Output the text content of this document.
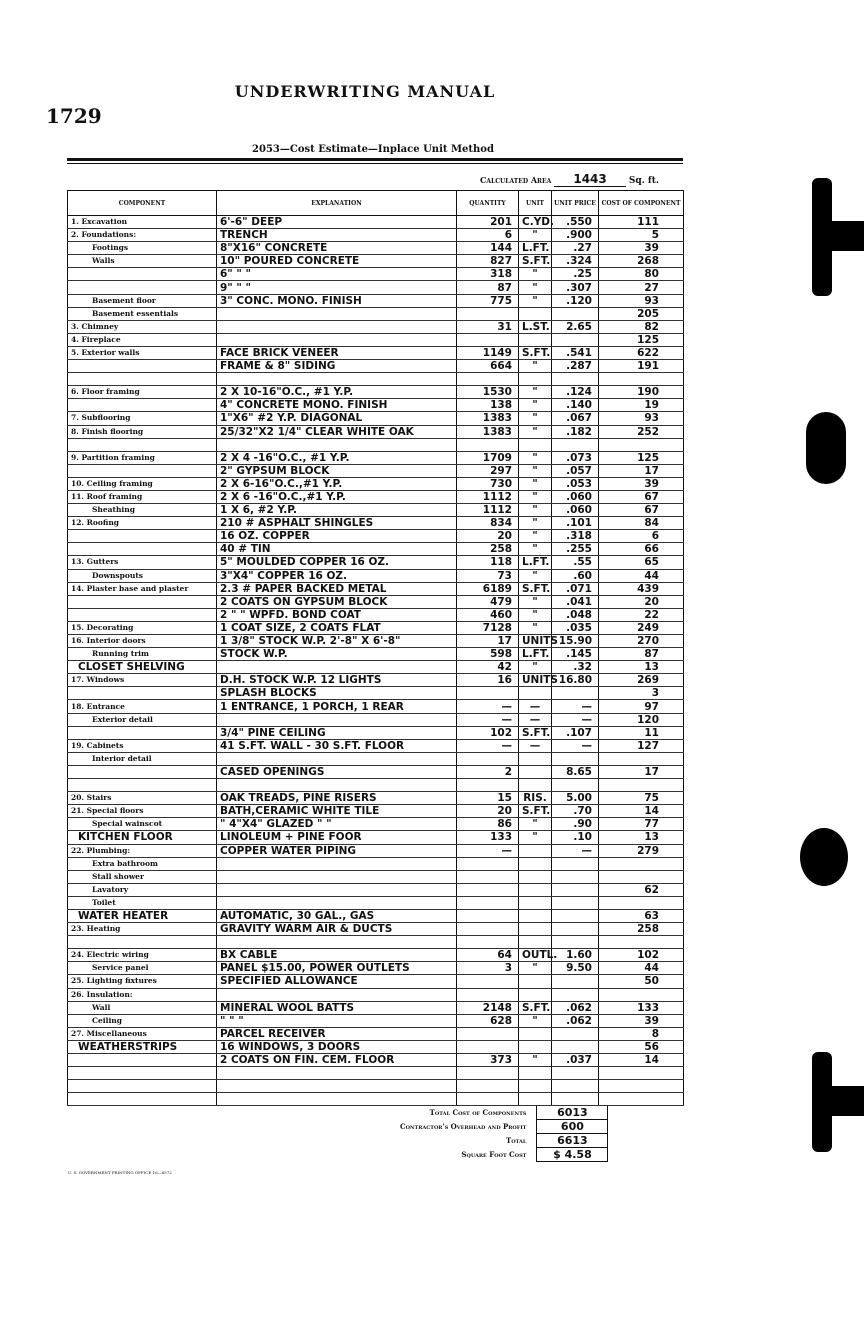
1729
UNDERWRITING MANUAL
2053—Cost Estimate—Inplace Unit Method
Calculated Area 1443 Sq. ft.
COMPONENT	EXPLANATION	QUANTITY	UNIT	UNIT PRICE	COST OF COMPONENT
1. Excavation	6'-6" DEEP	201	C.YD.	.550	111
2. Foundations:	TRENCH	6	"	.900	5
Footings	8"X16" CONCRETE	144	L.FT.	.27	39
Walls	10" POURED CONCRETE	827	S.FT.	.324	268
	6" " "	318	"	.25	80
	9" " "	87	"	.307	27
Basement floor	3" CONC. MONO. FINISH	775	"	.120	93
Basement essentials					205
3. Chimney		31	L.ST.	2.65	82
4. Fireplace					125
5. Exterior walls	FACE BRICK VENEER	1149	S.FT.	.541	622
	FRAME & 8" SIDING	664	"	.287	191

6. Floor framing	2 X 10-16"O.C., #1 Y.P.	1530	"	.124	190
	4" CONCRETE MONO. FINISH	138	"	.140	19
7. Subflooring	1"X6" #2 Y.P. DIAGONAL	1383	"	.067	93
8. Finish flooring	25/32"X2 1/4" CLEAR WHITE OAK	1383	"	.182	252

9. Partition framing	2 X 4 -16"O.C., #1 Y.P.	1709	"	.073	125
	2" GYPSUM BLOCK	297	"	.057	17
10. Ceiling framing	2 X 6-16"O.C.,#1 Y.P.	730	"	.053	39
11. Roof framing	2 X 6 -16"O.C.,#1 Y.P.	1112	"	.060	67
Sheathing	1 X 6, #2 Y.P.	1112	"	.060	67
12. Roofing	210 # ASPHALT SHINGLES	834	"	.101	84
	16 OZ. COPPER	20	"	.318	6
	40 # TIN	258	"	.255	66
13. Gutters	5" MOULDED COPPER 16 OZ.	118	L.FT.	.55	65
Downspouts	3"X4" COPPER 16 OZ.	73	"	.60	44
14. Plaster base and plaster	2.3 # PAPER BACKED METAL	6189	S.FT.	.071	439
	2 COATS ON GYPSUM BLOCK	479	"	.041	20
	2 " " WPFD. BOND COAT	460	"	.048	22
15. Decorating	1 COAT SIZE, 2 COATS FLAT	7128	"	.035	249
16. Interior doors	1 3/8" STOCK W.P. 2'-8" X 6'-8"	17	UNITS	15.90	270
Running trim	STOCK W.P.	598	L.FT.	.145	87
CLOSET SHELVING		42	"	.32	13
17. Windows	D.H. STOCK W.P. 12 LIGHTS	16	UNITS	16.80	269
	SPLASH BLOCKS				3
18. Entrance	1 ENTRANCE, 1 PORCH, 1 REAR	—	—	—	97
Exterior detail		—	—	—	120
	3/4" PINE CEILING	102	S.FT.	.107	11
19. Cabinets	41 S.FT. WALL - 30 S.FT. FLOOR	—	—	—	127
Interior detail					
	CASED OPENINGS	2		8.65	17

20. Stairs	OAK TREADS, PINE RISERS	15	RIS.	5.00	75
21. Special floors	BATH,CERAMIC WHITE TILE	20	S.FT.	.70	14
Special wainscot	" 4"X4" GLAZED " "	86	"	.90	77
KITCHEN FLOOR	LINOLEUM + PINE FOOR	133	"	.10	13
22. Plumbing:	COPPER WATER PIPING	—		—	279
Extra bathroom					
Stall shower					
Lavatory					62
Toilet					
WATER HEATER	AUTOMATIC, 30 GAL., GAS				63
23. Heating	GRAVITY WARM AIR & DUCTS				258

24. Electric wiring	BX CABLE	64	OUTL.	1.60	102
Service panel	PANEL $15.00, POWER OUTLETS	3	"	9.50	44
25. Lighting fixtures	SPECIFIED ALLOWANCE				50
26. Insulation:					
Wall	MINERAL WOOL BATTS	2148	S.FT.	.062	133
Ceiling	" " "	628	"	.062	39
27. Miscellaneous	PARCEL RECEIVER				8
WEATHERSTRIPS	16 WINDOWS, 3 DOORS				56
	2 COATS ON FIN. CEM. FLOOR	373	"	.037	14

Total Cost of Components	6013
Contractor's Overhead and Profit	600
Total	6613
Square Foot Cost	$ 4.58
U. S. GOVERNMENT PRINTING OFFICE 16—6572
